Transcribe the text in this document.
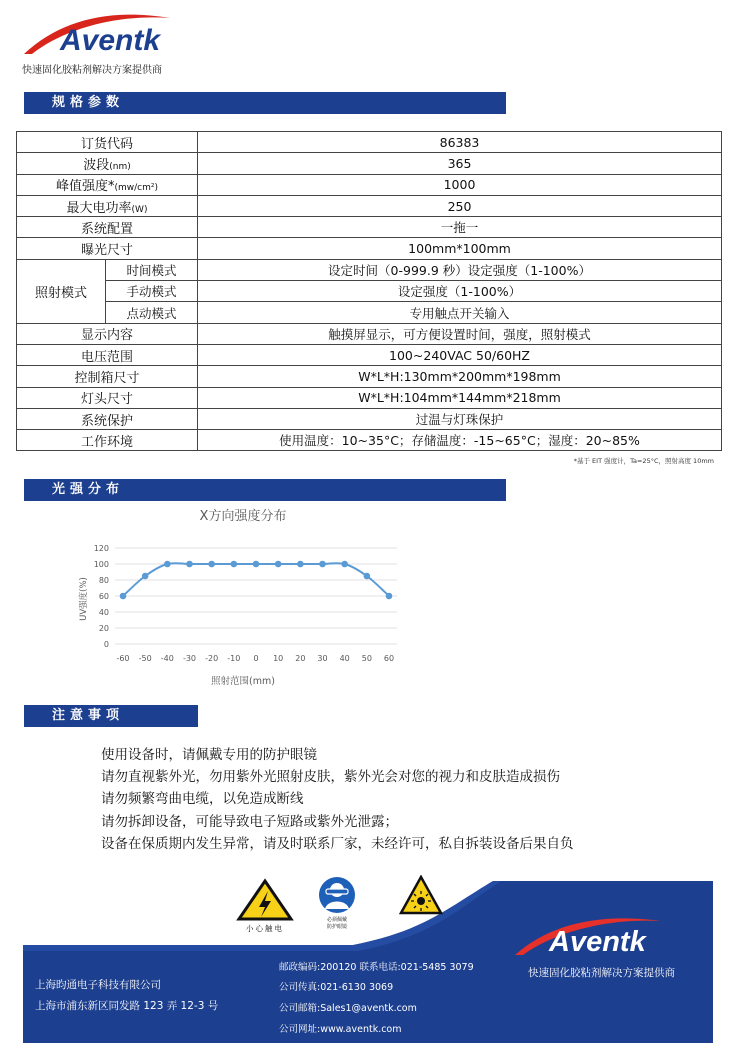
Aventk
快速固化胶粘剂解决方案提供商
规格参数
订货代码		86383
波段(nm)		365
峰值强度*(mw/cm²)		1000
最大电功率(W)		250
系统配置		一拖一
曝光尺寸		100mm*100mm
照射模式	时间模式	设定时间（0-999.9 秒）设定强度（1-100%）
	手动模式	设定强度（1-100%）
	点动模式	专用触点开关输入
显示内容		触摸屏显示，可方便设置时间，强度，照射模式
电压范围		100~240VAC 50/60HZ
控制箱尺寸		W*L*H:130mm*200mm*198mm
灯头尺寸		W*L*H:104mm*144mm*218mm
系统保护		过温与灯珠保护
工作环境		使用温度：10~35°C；存储温度：-15~65°C；湿度：20~85%
*基于 EIT 强度计，Ta=25°C，照射高度 10mm
光强分布
X方向强度分布
照射范围(mm)
UV强度(%)
0
20
40
60
80
100
120
-60 -50 -40 -30 -20 -10 0 10 20 30 40 50 60
注意事项
使用设备时，请佩戴专用的防护眼镜
请勿直视紫外光，勿用紫外光照射皮肤，紫外光会对您的视力和皮肤造成损伤
请勿频繁弯曲电缆，以免造成断线
请勿拆卸设备，可能导致电子短路或紫外光泄露；
设备在保质期内发生异常，请及时联系厂家，未经许可，私自拆装设备后果自负
小心触电
必须佩戴
防护眼镜	Aventk
快速固化胶粘剂解决方案提供商
上海昀通电子科技有限公司
上海市浦东新区同发路 123 弄 12-3 号
邮政编码:200120 联系电话:021-5485 3079
公司传真:021-6130 3069
公司邮箱:Sales1@aventk.com
公司网址:www.aventk.com
